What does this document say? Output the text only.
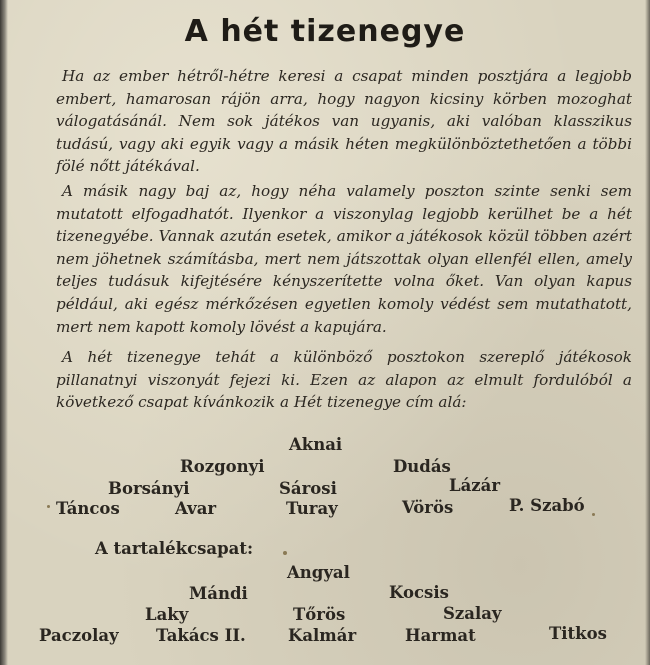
A hét tizenegye

Ha az ember hétről-hétre keresi a csapat minden posztjára a legjobb embert, hamarosan rájön arra, hogy nagyon kicsiny körben mozoghat válogatásánál. Nem sok játékos van ugyanis, aki valóban klasszikus tudású, vagy aki egyik vagy a másik héten megkülönböztethetően a többi fölé nőtt játékával.

A másik nagy baj az, hogy néha valamely poszton szinte senki sem mutatott elfogadhatót. Ilyenkor a viszonylag legjobb kerülhet be a hét tizenegyébe. Vannak azután esetek, amikor a játékosok közül többen azért nem jöhetnek számításba, mert nem játszottak olyan ellenfél ellen, amely teljes tudásuk kifejtésére kényszerítette volna őket. Van olyan kapus például, aki egész mérkőzésen egyetlen komoly védést sem mutathatott, mert nem kapott komoly lövést a kapujára.

A hét tizenegye tehát a különböző posztokon szereplő játékosok pillanatnyi viszonyát fejezi ki. Ezen az alapon az elmult fordulóból a következő csapat kívánkozik a Hét tizenegye cím alá:

Aknai
Rozgonyi	Dudás
Borsányi	Sárosi	Lázár
Táncos	Avar	Turay	Vörös	P. Szabó
A tartalékcsapat:
Angyal
Mándi	Kocsis
Laky	Tőrös	Szalay
Paczolay Takács II.	Kalmár	Harmat	Titkos
